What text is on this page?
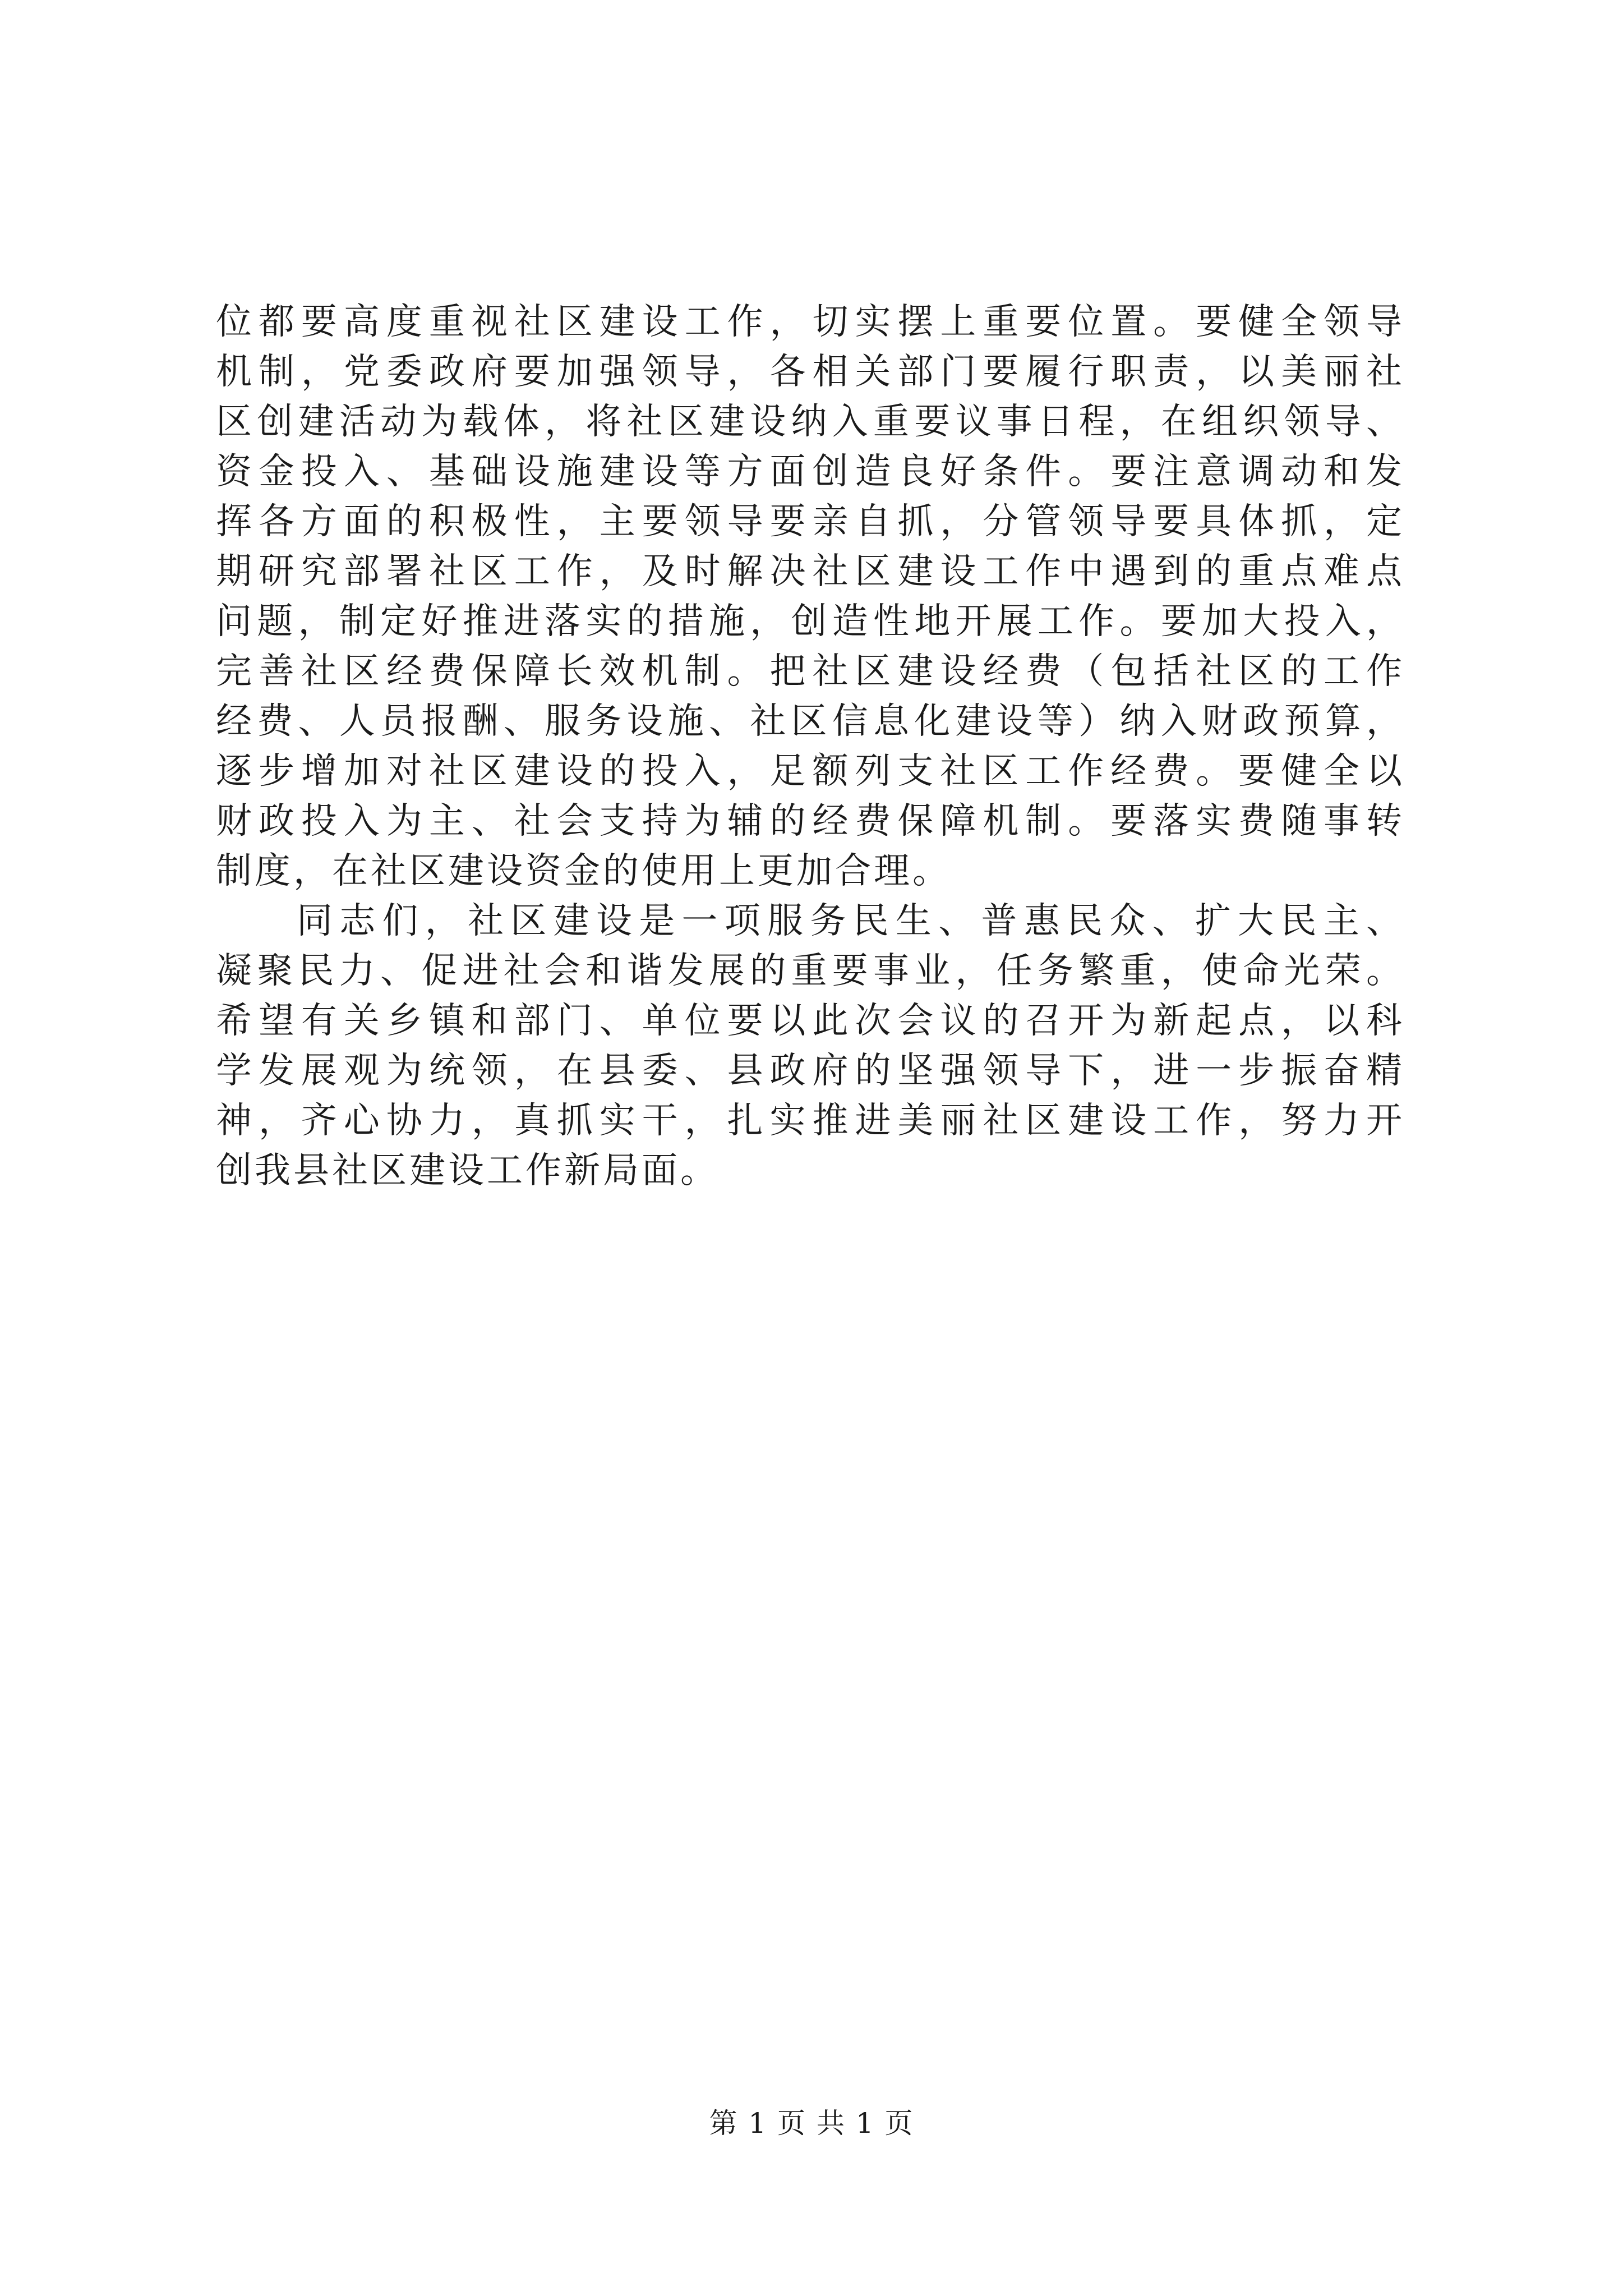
位都要高度重视社区建设工作，切实摆上重要位置。要健全领导
机制，党委政府要加强领导，各相关部门要履行职责，以美丽社
区创建活动为载体，将社区建设纳入重要议事日程，在组织领导、
资金投入、基础设施建设等方面创造良好条件。要注意调动和发
挥各方面的积极性，主要领导要亲自抓，分管领导要具体抓，定
期研究部署社区工作，及时解决社区建设工作中遇到的重点难点
问题，制定好推进落实的措施，创造性地开展工作。要加大投入，
完善社区经费保障长效机制。把社区建设经费（包括社区的工作
经费、人员报酬、服务设施、社区信息化建设等）纳入财政预算，
逐步增加对社区建设的投入，足额列支社区工作经费。要健全以
财政投入为主、社会支持为辅的经费保障机制。要落实费随事转
制度，在社区建设资金的使用上更加合理。
同志们，社区建设是一项服务民生、普惠民众、扩大民主、
凝聚民力、促进社会和谐发展的重要事业，任务繁重，使命光荣。
希望有关乡镇和部门、单位要以此次会议的召开为新起点，以科
学发展观为统领，在县委、县政府的坚强领导下，进一步振奋精
神，齐心协力，真抓实干，扎实推进美丽社区建设工作，努力开
创我县社区建设工作新局面。
第 1 页 共 1 页
